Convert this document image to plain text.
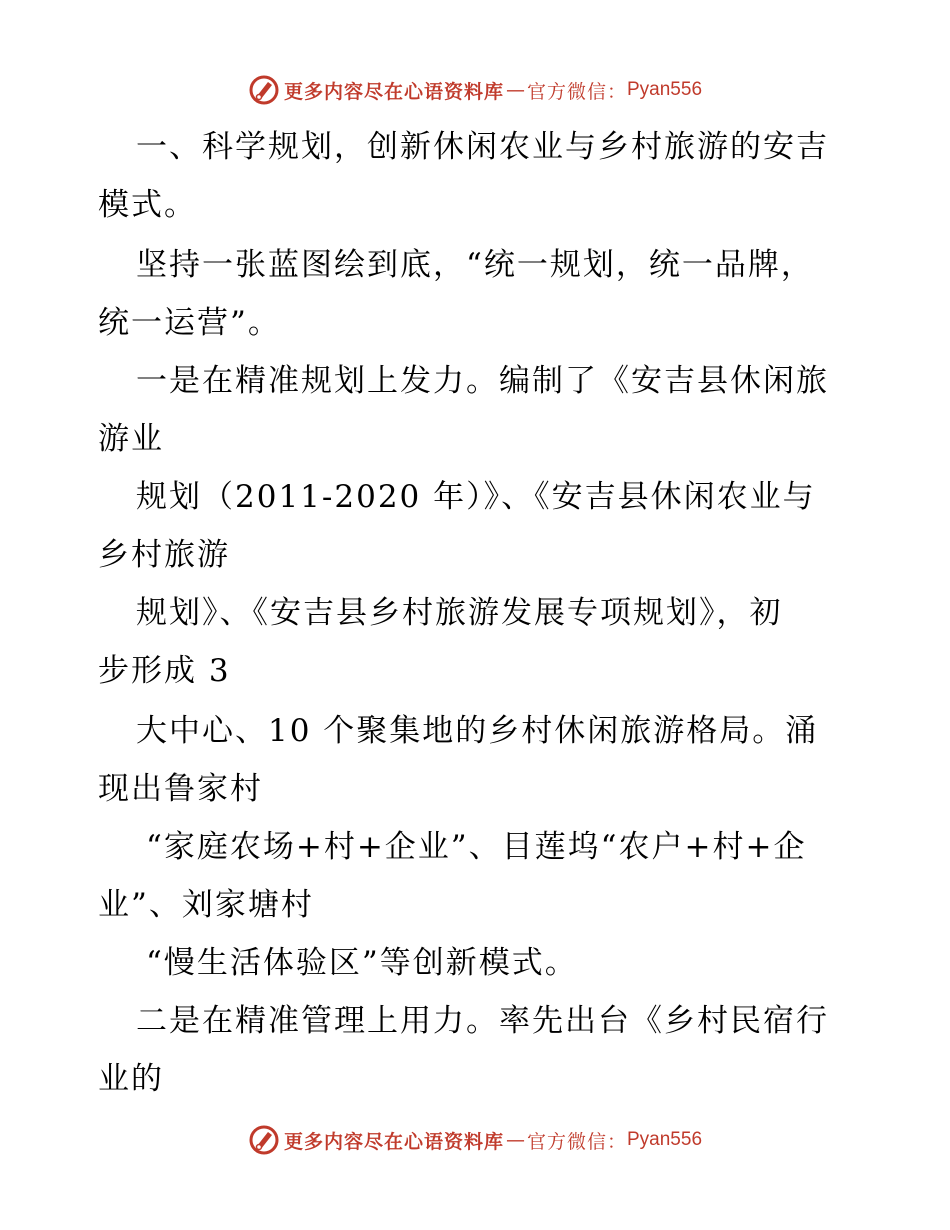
更多内容尽在心语资料库 — 官方微信： Pyan556
一、科学规划，创新休闲农业与乡村旅游的安吉
模式。
坚持一张蓝图绘到底，“统一规划，统一品牌，
统一运营”。
一是在精准规划上发力。编制了《安吉县休闲旅
游业
规划（2011-2020 年）》、《安吉县休闲农业与
乡村旅游
规划》、《安吉县乡村旅游发展专项规划》，初
步形成 3
大中心、10 个聚集地的乡村休闲旅游格局。涌
现出鲁家村
“家庭农场+村+企业”、目莲坞“农户+村+企
业”、刘家塘村
“慢生活体验区”等创新模式。
二是在精准管理上用力。率先出台《乡村民宿行
业的
更多内容尽在心语资料库 — 官方微信： Pyan556
